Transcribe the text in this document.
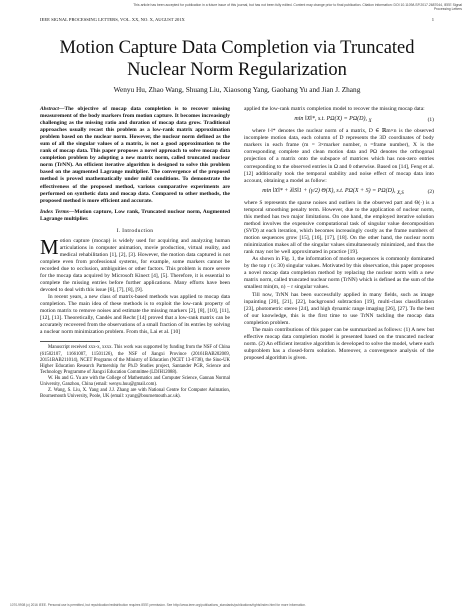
This article has been accepted for publication in a future issue of this journal, but has not been fully edited. Content may change prior to final publication. Citation information: DOI 10.1109/LSP.2017.2687044, IEEE Signal
Processing Letters
IEEE SIGNAL PROCESSING LETTERS, VOL. XX, NO. X, AUGUST 201X	1
Motion Capture Data Completion via Truncated
Nuclear Norm Regularization
Wenyu Hu, Zhao Wang, Shuang Liu, Xiaosong Yang, Gaohang Yu and Jian J. Zhang
Abstract—The objective of mocap data completion is to recover missing measurement of the body markers from motion capture. It becomes increasingly challenging as the missing ratio and duration of mocap data grow. Traditional approaches usually recast this problem as a low-rank matrix approximation problem based on the nuclear norm. However, the nuclear norm defined as the sum of all the singular values of a matrix, is not a good approximation to the rank of mocap data. This paper proposes a novel approach to solve mocap data completion problem by adopting a new matrix norm, called truncated nuclear norm (TrNN). An efficient iterative algorithm is designed to solve this problem based on the augmented Lagrange multiplier. The convergence of the proposed method is proved mathematically under mild conditions. To demonstrate the effectiveness of the proposed method, various comparative experiments are performed on synthetic data and mocap data. Compared to other methods, the proposed method is more efficient and accurate.
Index Terms—Motion capture, Low rank, Truncated nuclear norm, Augmented Lagrange multiplier.
I. Introduction
Motion capture (mocap) is widely used for acquiring and analyzing human articulations in computer animation, movie production, virtual reality, and medical rehabilitation [1], [2], [3]. However, the motion data captured is not complete even from professional systems, for example, some markers cannot be recorded due to occlusion, ambiguities or other factors. This problem is more severe for the mocap data acquired by Microsoft Kinect [4], [5]. Therefore, it is essential to complete the missing entries before further applications. Many efforts have been devoted to deal with this issue [6], [7], [8], [9].

In recent years, a new class of matrix-based methods was applied to mocap data completion. The main idea of these methods is to exploit the low-rank property of motion matrix to remove noises and estimate the missing markers [2], [8], [10], [11], [12], [13]. Theoretically, Candès and Recht [14] proved that a low-rank matrix can be accurately recovered from the observations of a small fraction of its entries by solving a nuclear norm minimization problem. From this, Lai et al. [10]

Manuscript received xxx-x, xxxx. This work was supported by funding from the NSF of China (61502107, 11661007, 11501126), the NSF of Jiangxi Province (20161BAB202069, 20151BAB211014), NCET Programs of the Ministry of Education (NCET 13-0738), the Sino-UK Higher Education Research Partnership for Ph.D Studies project, Santander PGR, Science and Technology Programme of Jiangxi Education Committee (LDJH12088).

W. Hu and G. Yu are with the College of Mathematics and Computer Science, Gannan Normal University, Ganzhou, China (email: wenyu.huu@gmail.com).

Z. Wang, S. Liu, X. Yang and J.J. Zhang are with National Centre for Computer Animation, Bournemouth University, Poole, UK (email: xyang@bournemouth.ac.uk).

applied the low-rank matrix completion model to recover the missing mocap data:
min ‖X‖*, s.t. PΩ(X) = PΩ(D), $_X$	(1)

where ‖·‖* denotes the nuclear norm of a matrix, D ∈ ℝm×n is the observed incomplete motion data, each column of D represents the 3D coordinates of body markers in each frame (m = 3×marker number, n =frame number), X is the corresponding complete and clean motion data and PΩ denotes the orthogonal projection of a matrix onto the subspace of matrices which has non-zero entries corresponding to the observed entries in Ω and 0 otherwise. Based on [14], Feng et al. [12] additionally took the temporal stability and noise effect of mocap data into account, obtaining a model as follow:

min ‖X‖* + λ‖S‖1 + (γ/2) Θ(X), s.t. PΩ(X + S) = PΩ(D), $_{X,S}$	(2)

where S represents the sparse noises and outliers in the observed part and Θ(·) is a temporal smoothing penalty term. However, due to the application of nuclear norm, this method has two major limitations. On one hand, the employed iterative solution method involves the expensive computational task of singular value decomposition (SVD) at each iteration, which becomes increasingly costly as the frame numbers of motion sequences grow [15], [16], [17], [18]. On the other hand, the nuclear norm minimization makes all of the singular values simultaneously minimized, and thus the rank may not be well approximated in practice [19].

As shown in Fig. 1, the information of motion sequences is commonly dominated by the top r (≤ 30) singular values. Motivated by this observation, this paper proposes a novel mocap data completion method by replacing the nuclear norm with a new matrix norm, called truncated nuclear norm (TrNN) which is defined as the sum of the smallest min(m, n) − r singular values.

Till now, TrNN has been successfully applied in many fields, such as image inpainting [20], [21], [22], background subtraction [19], multi-class classification [23], photometric stereo [24], and high dynamic range imaging [26], [27]. To the best of our knowledge, this is the first time to use TrNN tackling the mocap data completion problem.

The main contributions of this paper can be summarized as follows: (1) A new but effective mocap data completion model is presented based on the truncated nuclear norm. (2) An efficient iterative algorithm is developed to solve the model, where each subproblem has a closed-form solution. Moreover, a convergence analysis of the proposed algorithm is given.

1070-9908 (c) 2016 IEEE. Personal use is permitted, but republication/redistribution requires IEEE permission. See http://www.ieee.org/publications_standards/publications/rights/index.html for more information.
